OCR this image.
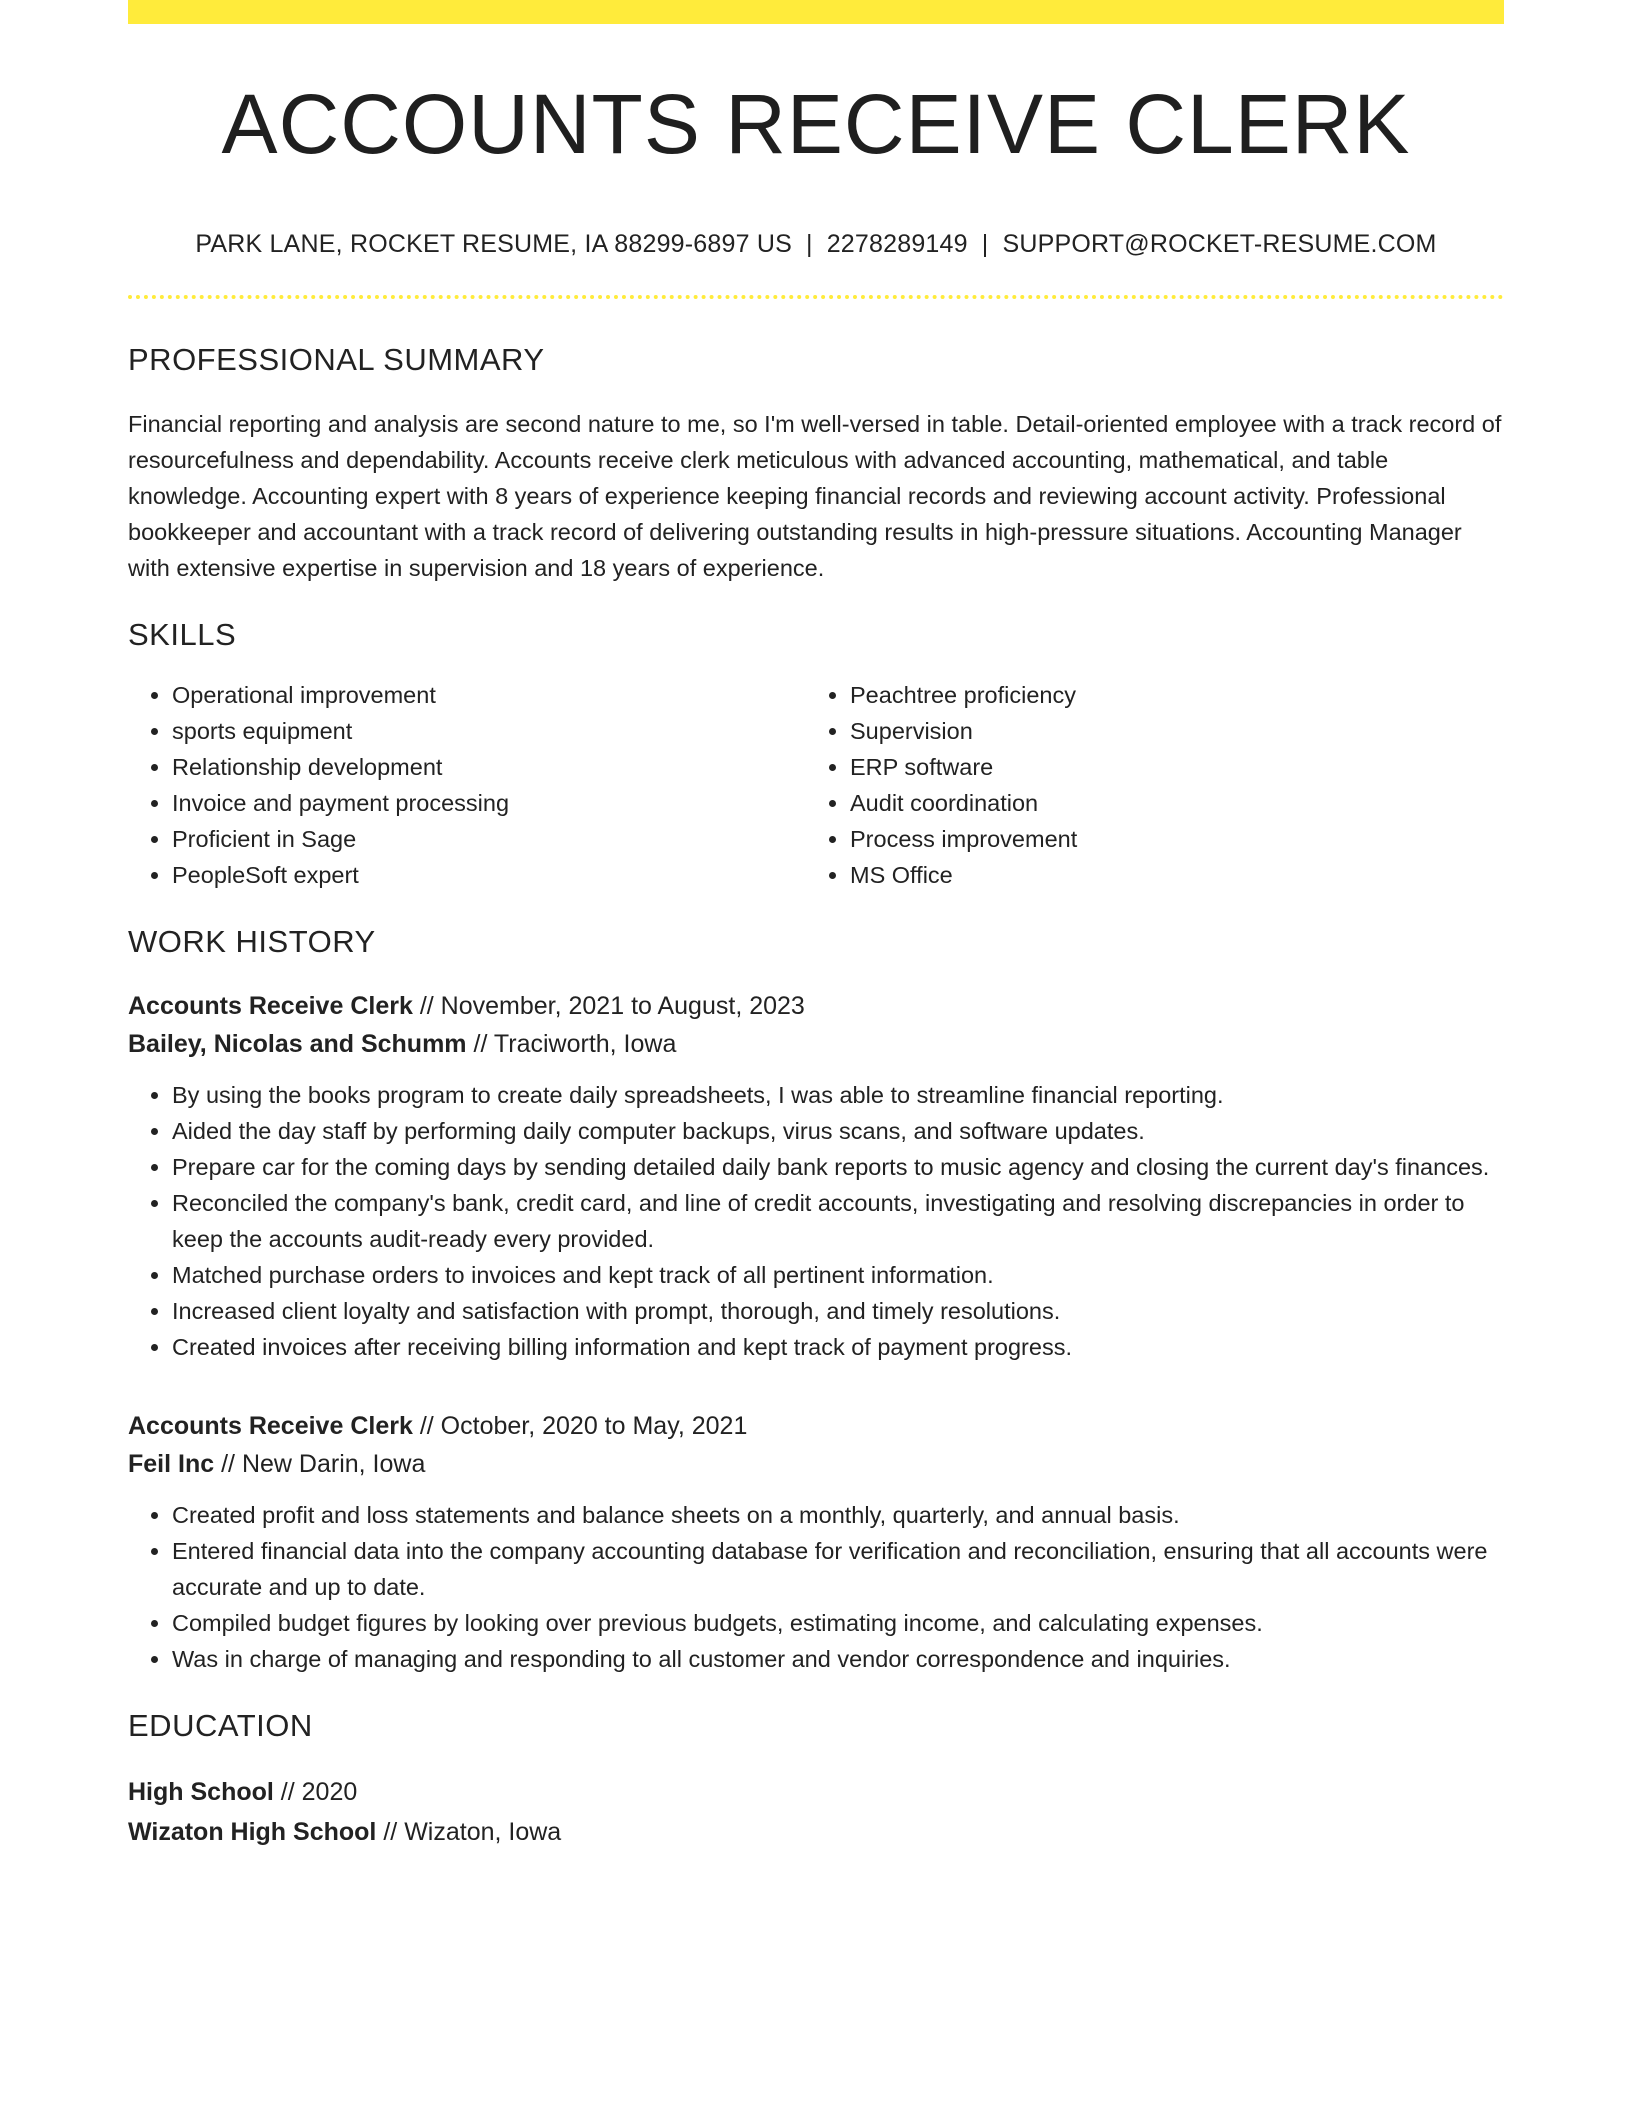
ACCOUNTS RECEIVE CLERK
PARK LANE, ROCKET RESUME, IA 88299-6897 US | 2278289149 | SUPPORT@ROCKET-RESUME.COM
PROFESSIONAL SUMMARY

Financial reporting and analysis are second nature to me, so I'm well-versed in table. Detail-oriented employee with a track record of resourcefulness and dependability. Accounts receive clerk meticulous with advanced accounting, mathematical, and table knowledge. Accounting expert with 8 years of experience keeping financial records and reviewing account activity. Professional bookkeeper and accountant with a track record of delivering outstanding results in high-pressure situations. Accounting Manager with extensive expertise in supervision and 18 years of experience.

SKILLS
• Operational improvement
• sports equipment
• Relationship development
• Invoice and payment processing
• Proficient in Sage
• PeopleSoft expert
• Peachtree proficiency
• Supervision
• ERP software
• Audit coordination
• Process improvement
• MS Office
WORK HISTORY
Accounts Receive Clerk // November, 2021 to August, 2023
Bailey, Nicolas and Schumm // Traciworth, Iowa
• By using the books program to create daily spreadsheets, I was able to streamline financial reporting.
• Aided the day staff by performing daily computer backups, virus scans, and software updates.
• Prepare car for the coming days by sending detailed daily bank reports to music agency and closing the current day's finances.
• Reconciled the company's bank, credit card, and line of credit accounts, investigating and resolving discrepancies in order to keep the accounts audit-ready every provided.
• Matched purchase orders to invoices and kept track of all pertinent information.
• Increased client loyalty and satisfaction with prompt, thorough, and timely resolutions.
• Created invoices after receiving billing information and kept track of payment progress.
Accounts Receive Clerk // October, 2020 to May, 2021
Feil Inc // New Darin, Iowa
• Created profit and loss statements and balance sheets on a monthly, quarterly, and annual basis.
• Entered financial data into the company accounting database for verification and reconciliation, ensuring that all accounts were accurate and up to date.
• Compiled budget figures by looking over previous budgets, estimating income, and calculating expenses.
• Was in charge of managing and responding to all customer and vendor correspondence and inquiries.
EDUCATION
High School // 2020
Wizaton High School // Wizaton, Iowa
